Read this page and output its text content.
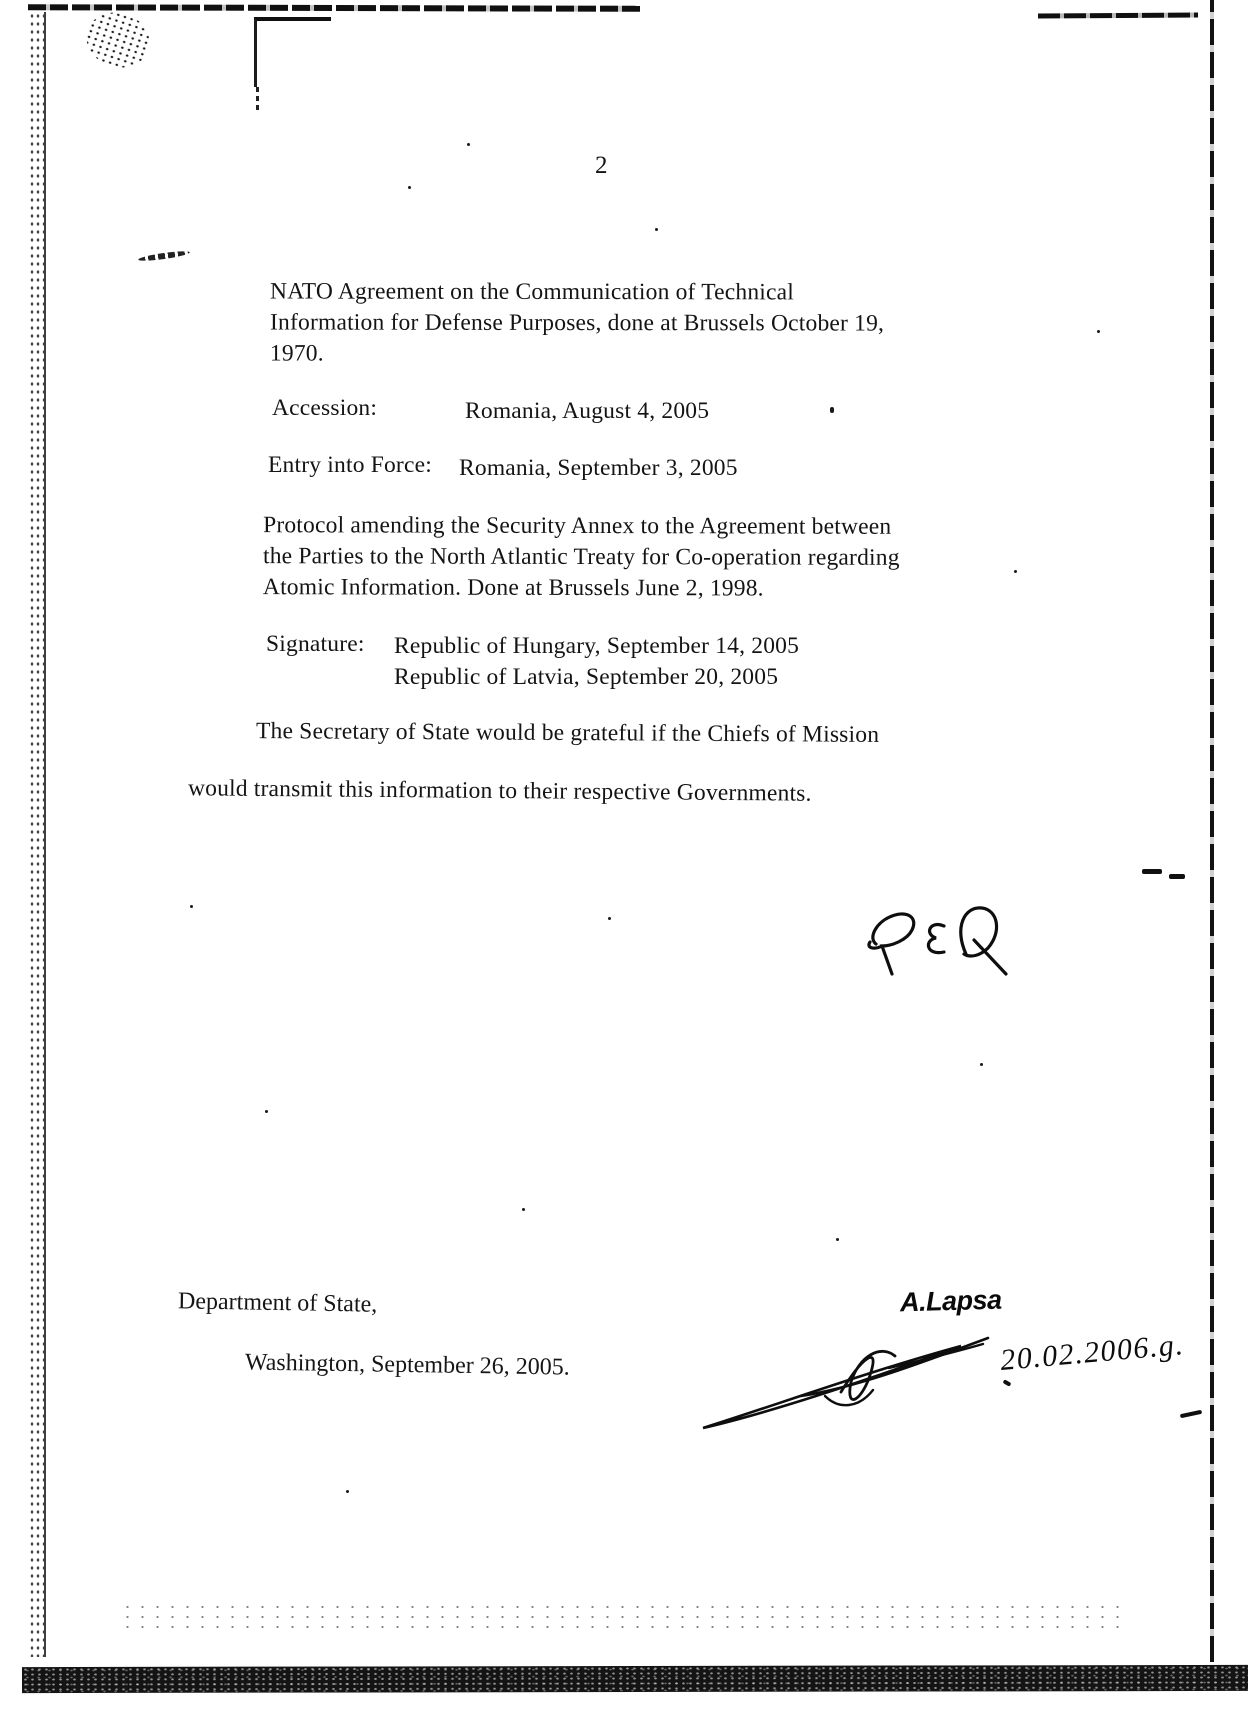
2
NATO Agreement on the Communication of Technical
Information for Defense Purposes, done at Brussels October 19,
1970.
Accession:	Romania, August 4, 2005
Entry into Force: Romania, September 3, 2005
Protocol amending the Security Annex to the Agreement between
the Parties to the North Atlantic Treaty for Co-operation regarding
Atomic Information. Done at Brussels June 2, 1998.
Signature: Republic of Hungary, September 14, 2005
Republic of Latvia, September 20, 2005
The Secretary of State would be grateful if the Chiefs of Mission
would transmit this information to their respective Governments.
Department of State,
Washington, September 26, 2005.
A.Lapsa
20.02.2006.g.
